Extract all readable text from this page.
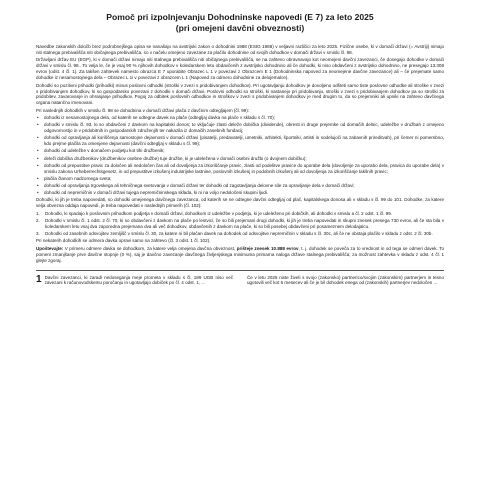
Pomoč pri izpolnjevanju Dohodninske napovedi (E 7) za leto 2025
(pri omejeni davčni obveznosti)

Navedbe zakonskih določb brez podrobnejšega opisa se nanašajo na avstrijski zakon o dohodnini 1988 (EStG 1988) v veljavni različici za leto 2025. Fizične osebe, ki v domači državi (= Avstriji) nimajo niti stalnega prebivališča niti običajnega prebivališča, so v načelu omejeno zavezane za plačilo dohodnine od svojih dohodkov v domači državi v smislu čl. 98.

Državljani držav EU (EGP), ki v domači državi nimajo niti stalnega prebivališča niti običajnega prebivališča, se na zahtevo obravnavajo kot neomejeni davčni zavezanci, če dosegajo dohodke v domači državi v smislu čl. 98.. To velja le, če je vsaj 90 % njihovih dohodkov v koledarskem letu obdavčenih z avstrijsko dohodnino ali če dohodki, ki niso obdavčeni z avstrijsko dohodnino, ne presegajo 13.308 evrov (odst. 4 čl. 1). Za takšen zahtevek namesto obrazca E 7 uporabite Obrazec L 1 v povezavi z Obrazcem E 1 (Dohodninska napoved za neomejene davčne zavezance) ali – če prejemate samo dohodke iz nesamostojnega dela – Obrazec L 1i v povezavi z obrazcem L 1 (Napoved za odmero dohodnine za delojemalce).

Dohodki so pozitivni prihodki (prihodki) minus poslovni odhodki (stroški v zvezi s pridobivanjem dohodkov). Pri ugotavljanju dohodkov je dovoljeno odšteti samo tiste poslovne odhodke ali stroške v zvezi s pridobivanjem dohodkov, ki so gospodarsko povezani z dohodki v domači državi. Poslovni odhodki so stroški, ki nastanejo pri pridobivanju, stroški v zvezi s pridobivanjem dohodkov pa so stroški za pridobitev, zavarovanje in ohranjanje prihodkov. Pogoj za odbitek poslovnih odhodkov in stroškov v zvezi s pridobivanjem dohodkov je med drugim to, da so prejemniki ali upniki na zahtevo davčnega organa natančno imenovani.

Pri naslednjih dohodkih v smislu čl. 98 se dohodnina v domači državi plača z davčnim odtegljajem (čl. 99):

• dohodki iz nesamostojnega dela, od katerih se odtegne davek na plače (odtegljaj davka na plače v skladu s čl. 70);
• dohodki v smislu čl. 93, ki so obdavčeni z davkom na kapitalski donos; to vključuje zlasti deleže dobička (dividende), obresti in druge prejemke od domačih delnic, udeležbe v družbah z omejeno odgovornostjo in v pridobitnih in gospodarskih združenjih ter nakazila iz domačih zasebnih fundacij;
• dohodki od opravljanja ali koriščenja samostojne dejavnosti v domači državi (pisatelji, predavatelji, umetniki, arhitekti, športniki, artisti in sodelujoči na zabavnih prireditvah), pri čemer ni pomembno, kdo prejme plačila za omenjene dejavnosti (davčni odtegljaj v skladu s čl. 99);
• dohodki od udeležbe v domačem podjetju kot tihi družbenik;
• deleži dobička družbenikov (družbenikov osebne družbe) tuje družbe, ki je udeležena v domači osebni družbi (o dvojnem dobičku);
• dohodki od prepustitve pravic za določen ali nedoločen čas ali od dovoljenja za izkoriščanje pravic, zlasti od podelitve pravice do uporabe dela (dovoljenje za uporabo dela, pravica do uporabe dela) v smislu zakona Urheberrechtsgesetz, in od prepustitve izkušenj industrijske lastnine, poslovnih izkušenj in podobnih izkušenj ali od dovoljenja za izkoriščanje takšnih pravic;
• plačila članom nadzornega sveta;
• dohodki od opravljanja trgovskega ali tehničnega svetovanja v domači državi ter dohodki od zagotavljanja delovne sile za opravljanje dela v domači državi;
• dohodki od nepremičnin v domači državi tujega nepremičninskega sklada, ki ni na voljo nedoločeni skupini ljudi.

Dohodki, ki jih je treba napovedati, so dohodki omejenega davčnega zavezanca, od katerih se ne odtegne davčni odtegljaj od plač, kapitalskega donosa ali v skladu s čl. 99 do 101. Dohodke, za katere velja obvezna oddaja napovedi, je treba napovedati v naslednjih primerih (čl. 102):

1.	Dohodki, ki spadajo k poslovnim prihodkom podjetja v domači državi, dohodkom iz udeležbe v podjetju, ki je udeleženo pri dobičkih, ali dohodki v smislu a čl. 2 odst. 1 čl. 99.
2.	Dohodki v smislu čl. 1 odst. 2 čl. 70, ki so obdavčeni z davkom na plače po lestvici, če so bili prejemani drugi dohodki, ki jih je treba napovedati in skupni znesek presega 730 evrov, ali če sta bila v koledarskem letu vsaj dva zaporedna prejemana dva ali več dohodkov, obdavčenih z davkom na plače, ki so bili posebej obdavčeni pri posameznem delodajalcu.
3.	Dohodki od zasebnih odsvojitev zemljišč v smislu čl. 30, za katere ni bil plačan davek na dohodek od odsvojitve nepremičnin v skladu s čl. 30c, ali če ne obstaja plačilo v skladu z odst. 2 čl. 30b.

Pri nekaterih dohodkih se odmera davka opravi samo na zahtevo (čl. 3 odst. 1 čl. 102).

Upoštevajte: V primeru odmere davka se dohodkom, za katere velja omejena davčna obveznost, prišteje znesek 10.888 evrov, t. j. dohodek se poveča za to vrednost in od tega se odmeri davek. To pomeni zmanjšanje prve davčne stopnje (0 %), saj je davčno zavezanje davčnega življenjskega minimuma primarna naloga države stalnega prebivališča; za možnost zahtevka v skladu z odst. 4 čl. 1 glejte zgoraj.

1 Davčni zavezanci, ki zaradi nedoseganja meje prometa v skladu s čl. 189 UGB niso več zavezani k računovodskemu poročanju in ugotavljajo dobiček po čl. 4 odst. 1, ...
Če v letu 2025 niste živeli s svojo (zakonsko) partnerico/svojim (zakonskim) partnerjem in tesno ugotovili več kot 6 mesecev ali če je bil dohodek enega od (zakonskih) partnerjev nedoločen ...
